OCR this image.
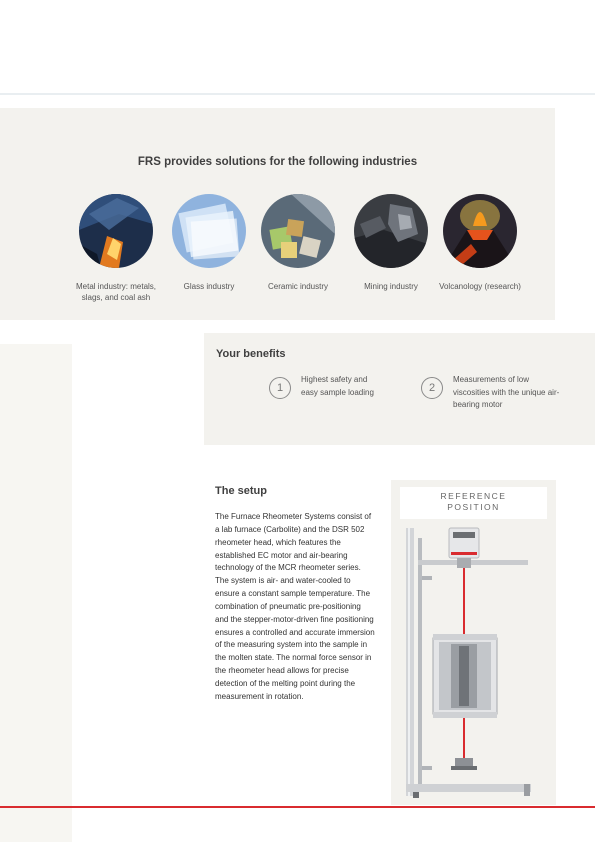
FRS provides solutions for the following industries
Metal industry: metals, slags, and coal ash
Glass industry	Ceramic industry	Mining industry	Volcanology (research)
Your benefits
1
Highest safety and easy sample loading	2
Measurements of low viscosities with the unique air-bearing motor
The setup
The Furnace Rheometer Systems consist of a lab furnace (Carbolite) and the DSR 502 rheometer head, which features the established EC motor and air-bearing technology of the MCR rheometer series. The system is air- and water-cooled to ensure a constant sample temperature. The combination of pneumatic pre-positioning and the stepper-motor-driven fine positioning ensures a controlled and accurate immersion of the measuring system into the sample in the molten state. The normal force sensor in the rheometer head allows for precise detection of the melting point during the measurement in rotation.
REFERENCE
POSITION
